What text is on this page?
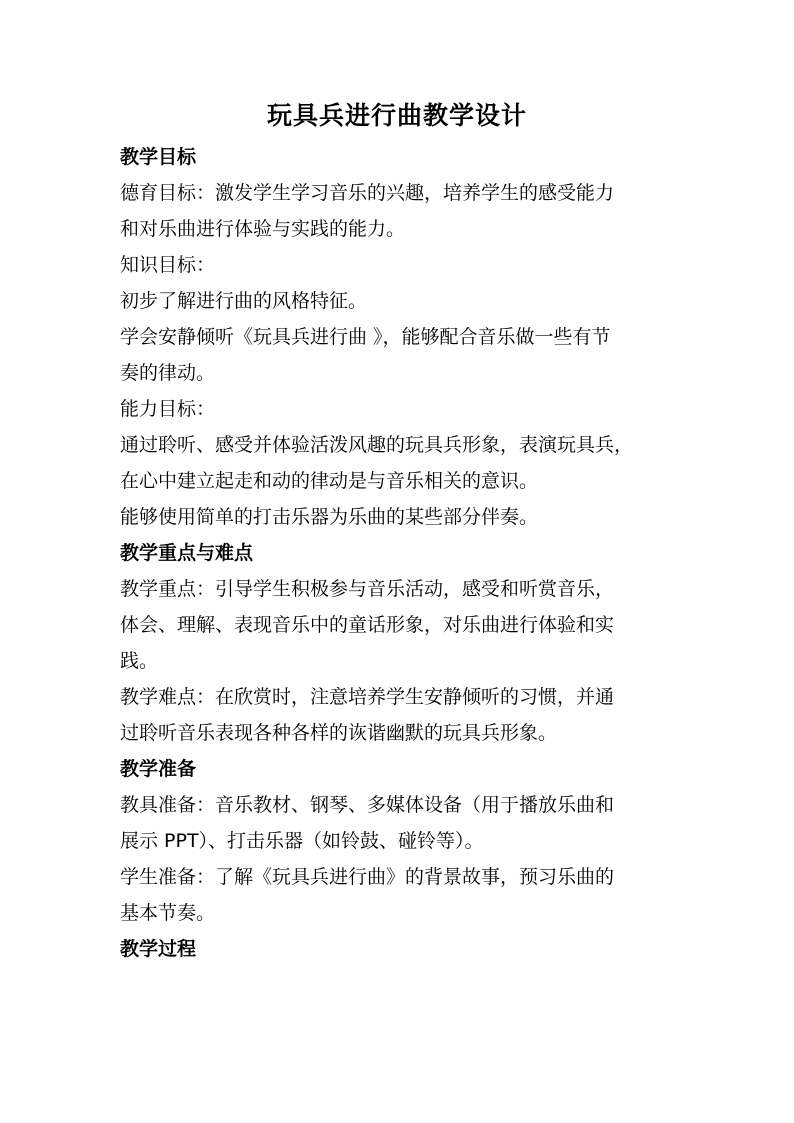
玩具兵进行曲教学设计
教学目标
德育目标：激发学生学习音乐的兴趣，培养学生的感受能力
和对乐曲进行体验与实践的能力。
知识目标：
初步了解进行曲的风格特征。
学会安静倾听《玩具兵进行曲 》，能够配合音乐做一些有节
奏的律动。
能力目标：
通过聆听、感受并体验活泼风趣的玩具兵形象，表演玩具兵，
在心中建立起走和动的律动是与音乐相关的意识。
能够使用简单的打击乐器为乐曲的某些部分伴奏。
教学重点与难点
教学重点：引导学生积极参与音乐活动，感受和听赏音乐，
体会、理解、表现音乐中的童话形象，对乐曲进行体验和实
践。
教学难点：在欣赏时，注意培养学生安静倾听的习惯，并通
过聆听音乐表现各种各样的诙谐幽默的玩具兵形象。
教学准备
教具准备：音乐教材、钢琴、多媒体设备（用于播放乐曲和
展示 PPT）、打击乐器（如铃鼓、碰铃等）。
学生准备：了解《玩具兵进行曲》的背景故事，预习乐曲的
基本节奏。
教学过程
